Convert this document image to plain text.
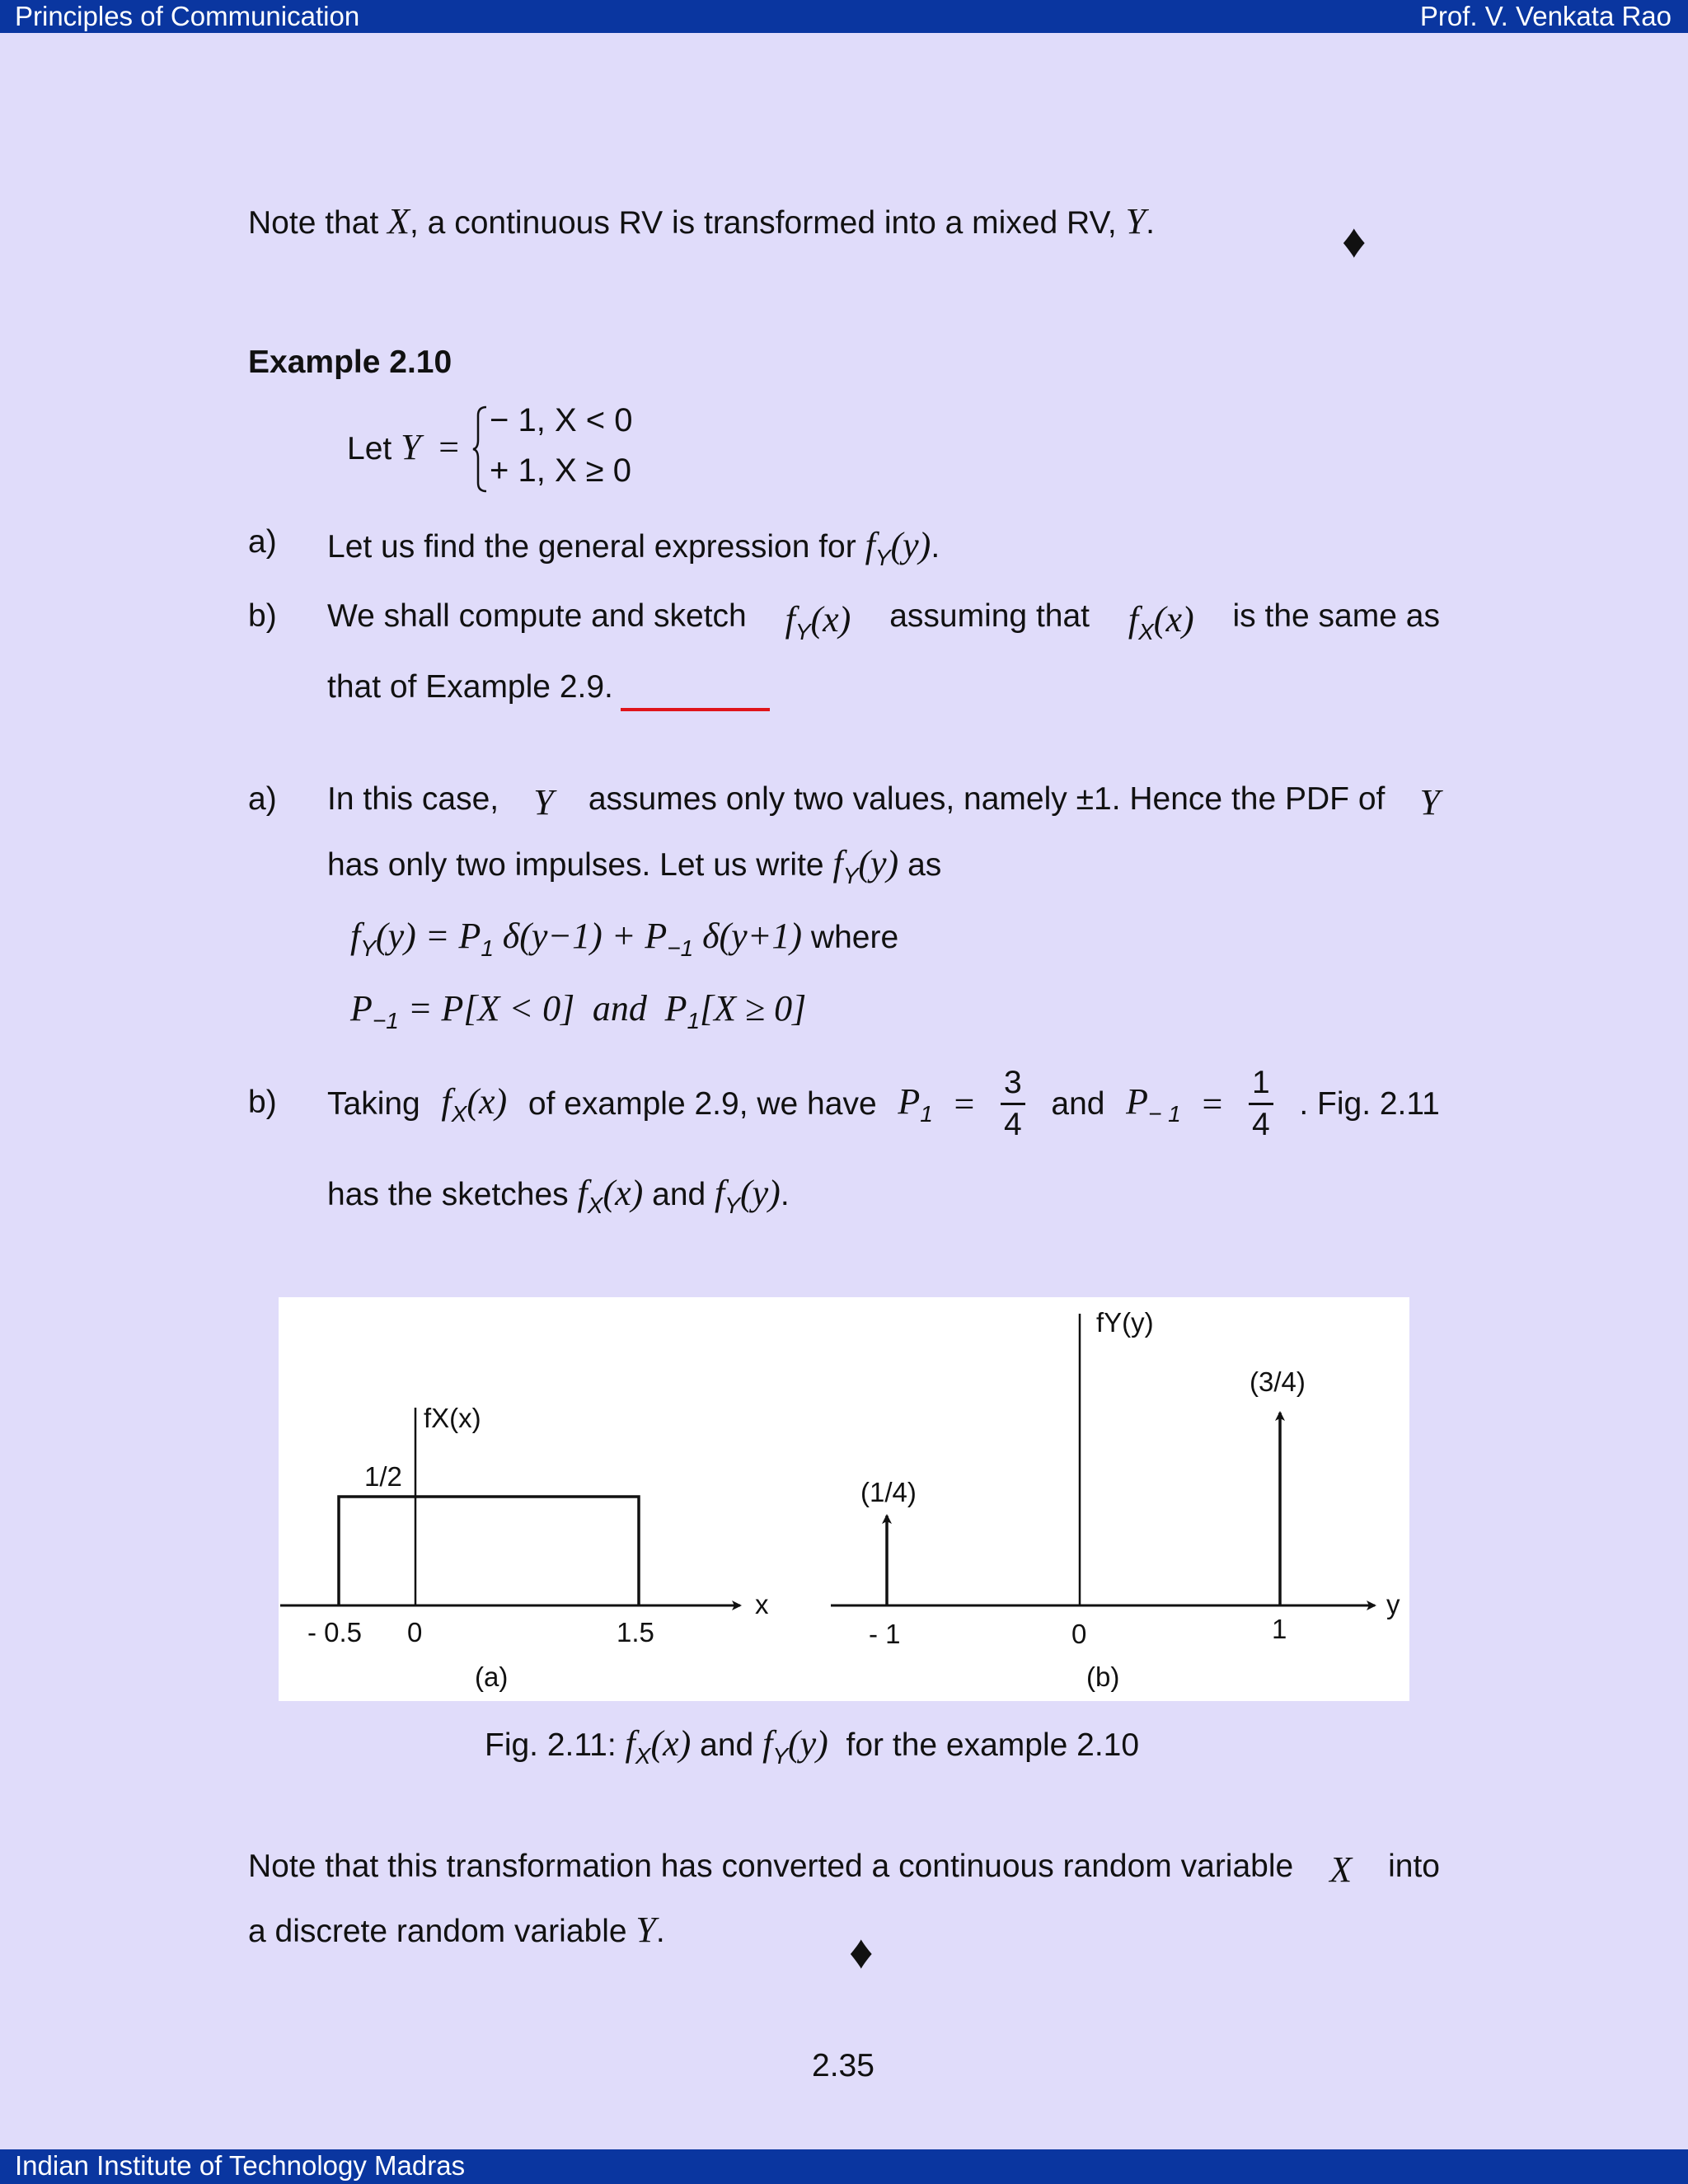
Principles of Communication	Prof. V. Venkata Rao
Note that X, a continuous RV is transformed into a mixed RV, Y.	♦
Example 2.10
Let Y =
− 1, X < 0
+ 1, X ≥ 0
a) Let us find the general expression for $f_Y(y)$.
b) We shall compute and sketch $f_Y(x)$ assuming that $f_X(x)$ is the same as
that of Example 2.9.
a) In this case, Y assumes only two values, namely ±1. Hence the PDF of Y
has only two impulses. Let us write $f_Y(y)$ as
$f_Y(y) = P_1$ $\delta(y-1) + P_{-1}$ δ(y+1) where
$P_{-1} = P[X < 0]$ and $P_1[X \ge 0]$
b) Taking $f_X(x)$ of example 2.9, we have $P_1 = \frac{3}{4}$ and $P_{- 1} = \frac{1}{4}$ . Fig. 2.11
has the sketches $f_X(x)$ and $f_Y(y)$.
fX(x)
1/2
- 0.5 0	1.5
x
(a)
fY(y)
(1/4)
(3/4)
- 1	0	1
y
(b)
Fig. 2.11: $f_X(x)$ and $f_Y(y)$ for the example 2.10
Note that this transformation has converted a continuous random variable X into
a discrete random variable Y.	♦
2.35
Indian Institute of Technology Madras
